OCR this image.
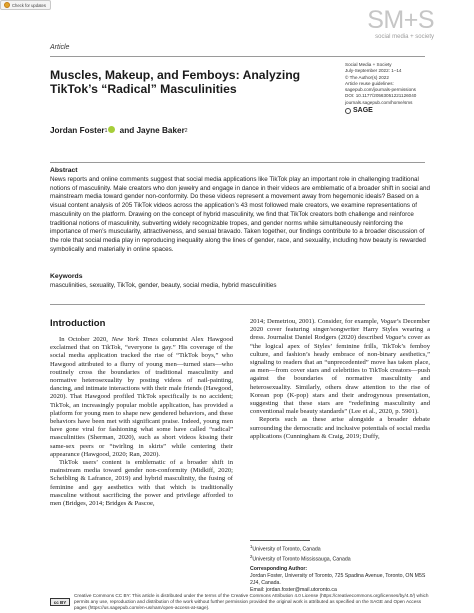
Check for updates
Article
SM+S
social media + society
Social Media + Society
July-September 2022: 1–14
© The Author(s) 2022
Article reuse guidelines:
sagepub.com/journals-permissions
DOI: 10.1177/20563051221126040
journals.sagepub.com/home/sms
SAGE
Muscles, Makeup, and Femboys: Analyzing TikTok’s “Radical” Masculinities
Jordan Foster 1 and Jayne Baker 2
Abstract

News reports and online comments suggest that social media applications like TikTok play an important role in challenging traditional notions of masculinity. Male creators who don jewelry and engage in dance in their videos are emblematic of a broader shift in social and mainstream media toward gender non-conformity. Do these videos represent a movement away from hegemonic ideals? Based on a visual content analysis of 205 TikTok videos across the application’s 43 most followed male creators, we examine representations of masculinity on the platform. Drawing on the concept of hybrid masculinity, we find that TikTok creators both challenge and reinforce traditional notions of masculinity, subverting widely recognizable tropes, and gender norms while simultaneously reinforcing the importance of men’s muscularity, attractiveness, and sexual bravado. Taken together, our findings contribute to a broader discussion of the role that social media play in reproducing inequality along the lines of gender, race, and sexuality, including how beauty is rewarded symbolically and materially in online spaces.

Keywords

masculinities, sexuality, TikTok, gender, beauty, social media, hybrid masculinities

Introduction

In October 2020, New York Times columnist Alex Hawgood exclaimed that on TikTok, “everyone is gay.” His coverage of the social media application tracked the rise of “TikTok boys,” who Hawgood attributed to a flurry of young men—turned stars—who routinely cross the boundaries of traditional masculinity and normative heterosexuality by posting videos of nail-painting, dancing, and intimate interactions with their male friends (Hawgood, 2020). That Hawgood profiled TikTok specifically is no accident; TikTok, an increasingly popular mobile application, has provided a platform for young men to shape new gendered behaviors, and these behaviors have been met with significant praise. Indeed, young men have gone viral for fashioning what some have called “radical” masculinities (Sherman, 2020), such as short videos kissing their same-sex peers or “twirling in skirts” while centering their appearance (Hawgood, 2020; Ran, 2020).

TikTok users’ content is emblematic of a broader shift in mainstream media toward gender non-conformity (Midkiff, 2020; Scheibling & Lafrance, 2019) and hybrid masculinity, the fusing of feminine and gay aesthetics with that which is traditionally masculine without sacrificing the power and privilege afforded to men (Bridges, 2014; Bridges & Pascoe,

2014; Demetriou, 2001). Consider, for example, Vogue’s December 2020 cover featuring singer/songwriter Harry Styles wearing a dress. Journalist Daniel Rodgers (2020) described Vogue’s cover as “the logical apex of Styles’ feminine frills, TikTok’s femboy culture, and fashion’s heady embrace of non-binary aesthetics,” signaling to readers that an “unprecedented” move has taken place, as men—from cover stars and celebrities to TikTok creators—push against the boundaries of normative masculinity and heterosexuality. Similarly, others draw attention to the rise of Korean pop (K-pop) stars and their androgynous presentation, suggesting that these stars are “redefining masculinity and conventional male beauty standards” (Lee et al., 2020, p. 5901).

Reports such as these arise alongside a broader debate surrounding the democratic and inclusive potentials of social media applications (Cunningham & Craig, 2019; Duffy,

$^1$University of Toronto, Canada
$^2$University of Toronto Mississauga, Canada
Corresponding Author:
Jordan Foster, University of Toronto, 725 Spadina Avenue, Toronto, ON M5S 2J4, Canada.
Email: jordan.foster@mail.utoronto.ca
cc BY

Creative Commons CC BY: This article is distributed under the terms of the Creative Commons Attribution 4.0 License (https://creativecommons.org/licenses/by/4.0/) which permits any use, reproduction and distribution of the work without further permission provided the original work is attributed as specified on the SAGE and Open Access pages (https://us.sagepub.com/en-us/nam/open-access-at-sage).
